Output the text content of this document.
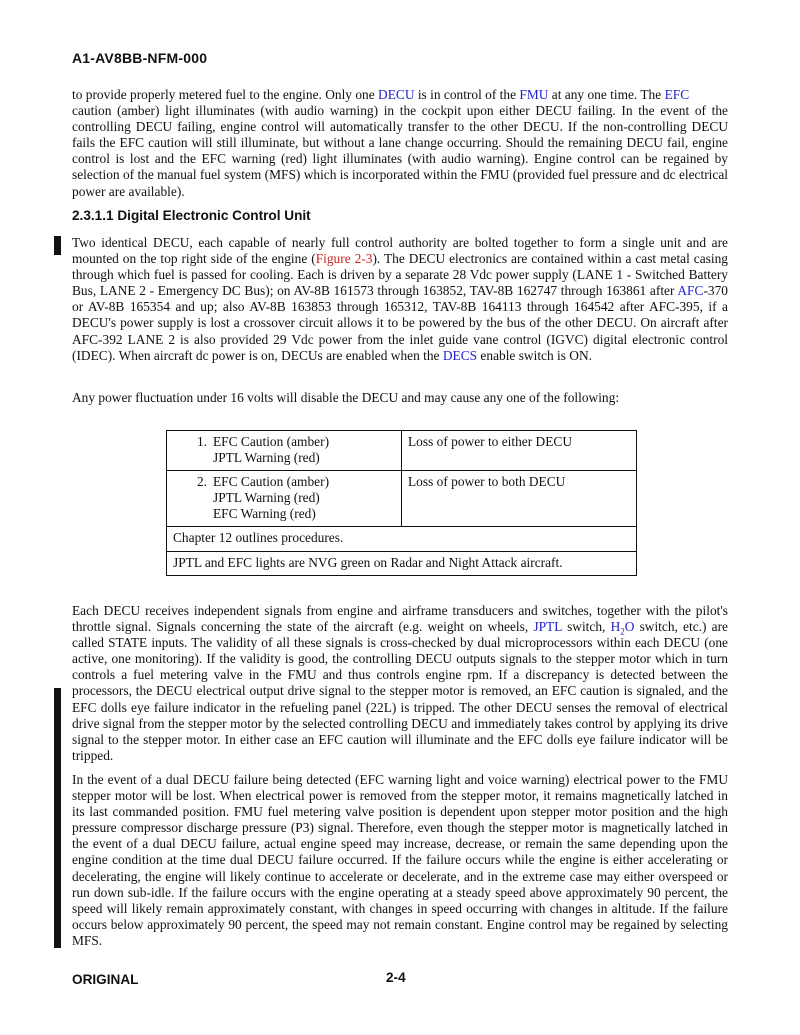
A1-AV8BB-NFM-000

to provide properly metered fuel to the engine. Only one DECU is in control of the FMU at any one time. The EFC
caution (amber) light illuminates (with audio warning) in the cockpit upon either DECU failing. In the event of the controlling DECU failing, engine control will automatically transfer to the other DECU. If the non-controlling DECU fails the EFC caution will still illuminate, but without a lane change occurring. Should the remaining DECU fail, engine control is lost and the EFC warning (red) light illuminates (with audio warning). Engine control can be regained by selection of the manual fuel system (MFS) which is incorporated within the FMU (provided fuel pressure and dc electrical power are available).

2.3.1.1 Digital Electronic Control Unit

Two identical DECU, each capable of nearly full control authority are bolted together to form a single unit and are mounted on the top right side of the engine (Figure 2-3). The DECU electronics are contained within a cast metal casing through which fuel is passed for cooling. Each is driven by a separate 28 Vdc power supply (LANE 1 - Switched Battery Bus, LANE 2 - Emergency DC Bus); on AV-8B 161573 through 163852, TAV-8B 162747 through 163861 after AFC-370 or AV-8B 165354 and up; also AV-8B 163853 through 165312, TAV-8B 164113 through 164542 after AFC-395, if a DECU's power supply is lost a crossover circuit allows it to be powered by the bus of the other DECU. On aircraft after AFC-392 LANE 2 is also provided 29 Vdc power from the inlet guide vane control (IGVC) digital electronic control (IDEC). When aircraft dc power is on, DECUs are enabled when the DECS enable switch is ON.

Any power fluctuation under 16 volts will disable the DECU and may cause any one of the following:

1. EFC Caution (amber)
JPTL Warning (red)	Loss of power to either DECU

2. EFC Caution (amber)
JPTL Warning (red)
EFC Warning (red)	Loss of power to both DECU
Chapter 12 outlines procedures.	
JPTL and EFC lights are NVG green on Radar and Night Attack aircraft.	

Each DECU receives independent signals from engine and airframe transducers and switches, together with the pilot's throttle signal. Signals concerning the state of the aircraft (e.g. weight on wheels, JPTL switch, $H_2O$ switch, etc.) are called STATE inputs. The validity of all these signals is cross-checked by dual microprocessors within each DECU (one active, one monitoring). If the validity is good, the controlling DECU outputs signals to the stepper motor which in turn controls a fuel metering valve in the FMU and thus controls engine rpm. If a discrepancy is detected between the processors, the DECU electrical output drive signal to the stepper motor is removed, an EFC caution is signaled, and the EFC dolls eye failure indicator in the refueling panel (22L) is tripped. The other DECU senses the removal of electrical drive signal from the stepper motor by the selected controlling DECU and immediately takes control by applying its drive signal to the stepper motor. In either case an EFC caution will illuminate and the EFC dolls eye failure indicator will be tripped.

In the event of a dual DECU failure being detected (EFC warning light and voice warning) electrical power to the FMU stepper motor will be lost. When electrical power is removed from the stepper motor, it remains magnetically latched in its last commanded position. FMU fuel metering valve position is dependent upon stepper motor position and the high pressure compressor discharge pressure (P3) signal. Therefore, even though the stepper motor is magnetically latched in the event of a dual DECU failure, actual engine speed may increase, decrease, or remain the same depending upon the engine condition at the time dual DECU failure occurred. If the failure occurs while the engine is either accelerating or decelerating, the engine will likely continue to accelerate or decelerate, and in the extreme case may either overspeed or run down sub-idle. If the failure occurs with the engine operating at a steady speed above approximately 90 percent, the speed will likely remain approximately constant, with changes in speed occurring with changes in altitude. If the failure occurs below approximately 90 percent, the speed may not remain constant. Engine control may be regained by selecting MFS.

ORIGINAL	2-4
